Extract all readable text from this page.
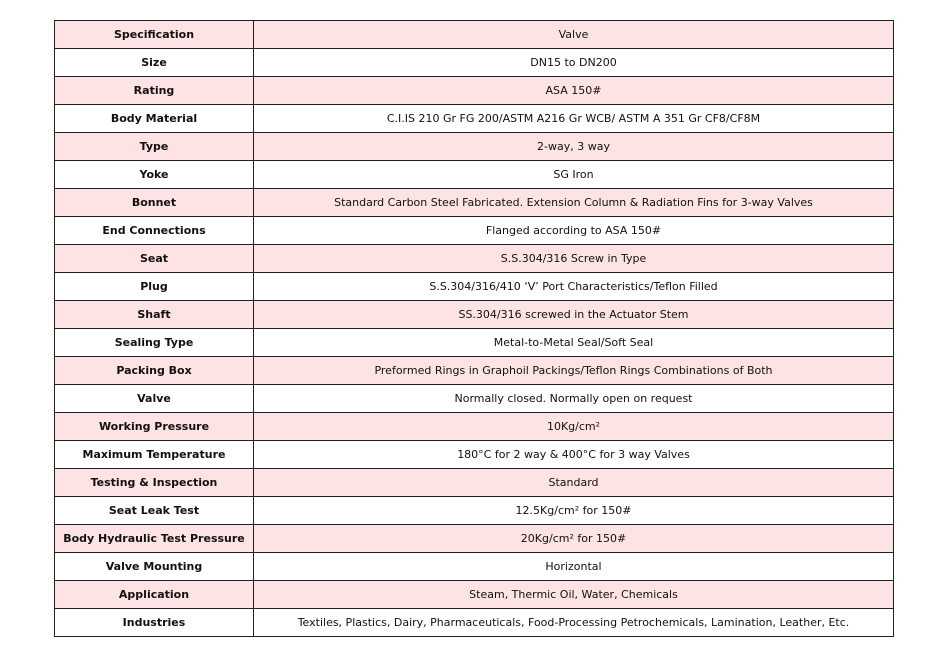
Specification	Valve
Size	DN15 to DN200
Rating	ASA 150#
Body Material	C.I.IS 210 Gr FG 200/ASTM A216 Gr WCB/ ASTM A 351 Gr CF8/CF8M
Type	2-way, 3 way
Yoke	SG Iron
Bonnet	Standard Carbon Steel Fabricated. Extension Column & Radiation Fins for 3-way Valves
End Connections	Flanged according to ASA 150#
Seat	S.S.304/316 Screw in Type
Plug	S.S.304/316/410 ‘V’ Port Characteristics/Teflon Filled
Shaft	SS.304/316 screwed in the Actuator Stem
Sealing Type	Metal-to-Metal Seal/Soft Seal
Packing Box	Preformed Rings in Graphoil Packings/Teflon Rings Combinations of Both
Valve	Normally closed. Normally open on request
Working Pressure	10Kg/cm²
Maximum Temperature	180°C for 2 way & 400°C for 3 way Valves
Testing & Inspection	Standard
Seat Leak Test	12.5Kg/cm² for 150#
Body Hydraulic Test Pressure	20Kg/cm² for 150#
Valve Mounting	Horizontal
Application	Steam, Thermic Oil, Water, Chemicals
Industries	Textiles, Plastics, Dairy, Pharmaceuticals, Food-Processing Petrochemicals, Lamination, Leather, Etc.
